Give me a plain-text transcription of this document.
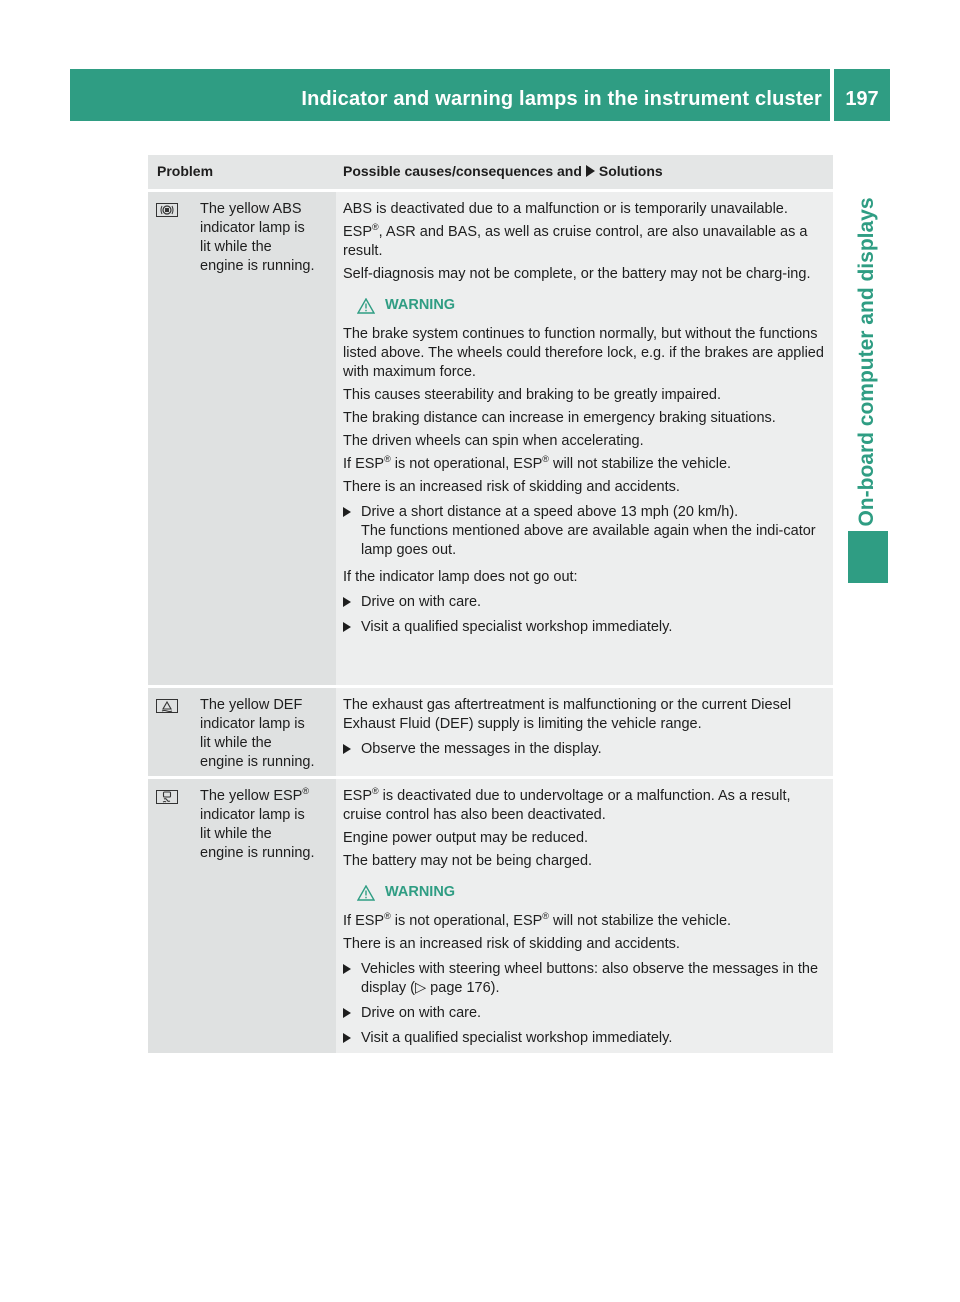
Indicator and warning lamps in the instrument cluster	197
On-board computer and displays
Problem	Possible causes/consequences and Solutions
The yellow ABS
indicator lamp is
lit while the
engine is running.
ABS is deactivated due to a malfunction or is temporarily unavailable.
ESP®, ASR and BAS, as well as cruise control, are also unavailable as a result.
Self-diagnosis may not be complete, or the battery may not be charg-ing.
WARNING
The brake system continues to function normally, but without the functions listed above. The wheels could therefore lock, e.g. if the brakes are applied with maximum force.
This causes steerability and braking to be greatly impaired.
The braking distance can increase in emergency braking situations.
The driven wheels can spin when accelerating.
If ESP® is not operational, ESP® will not stabilize the vehicle.
There is an increased risk of skidding and accidents.
Drive a short distance at a speed above 13 mph (20 km/h).
The functions mentioned above are available again when the indi-cator lamp goes out.
If the indicator lamp does not go out:
Drive on with care.
Visit a qualified specialist workshop immediately.
The yellow DEF
indicator lamp is
lit while the
engine is running.
The exhaust gas aftertreatment is malfunctioning or the current Diesel Exhaust Fluid (DEF) supply is limiting the vehicle range.
Observe the messages in the display.
The yellow ESP®
indicator lamp is
lit while the
engine is running.
ESP® is deactivated due to undervoltage or a malfunction. As a result, cruise control has also been deactivated.
Engine power output may be reduced.
The battery may not be being charged.
WARNING
If ESP® is not operational, ESP® will not stabilize the vehicle.
There is an increased risk of skidding and accidents.
Vehicles with steering wheel buttons: also observe the messages in the display (▷ page 176).
Drive on with care.
Visit a qualified specialist workshop immediately.
